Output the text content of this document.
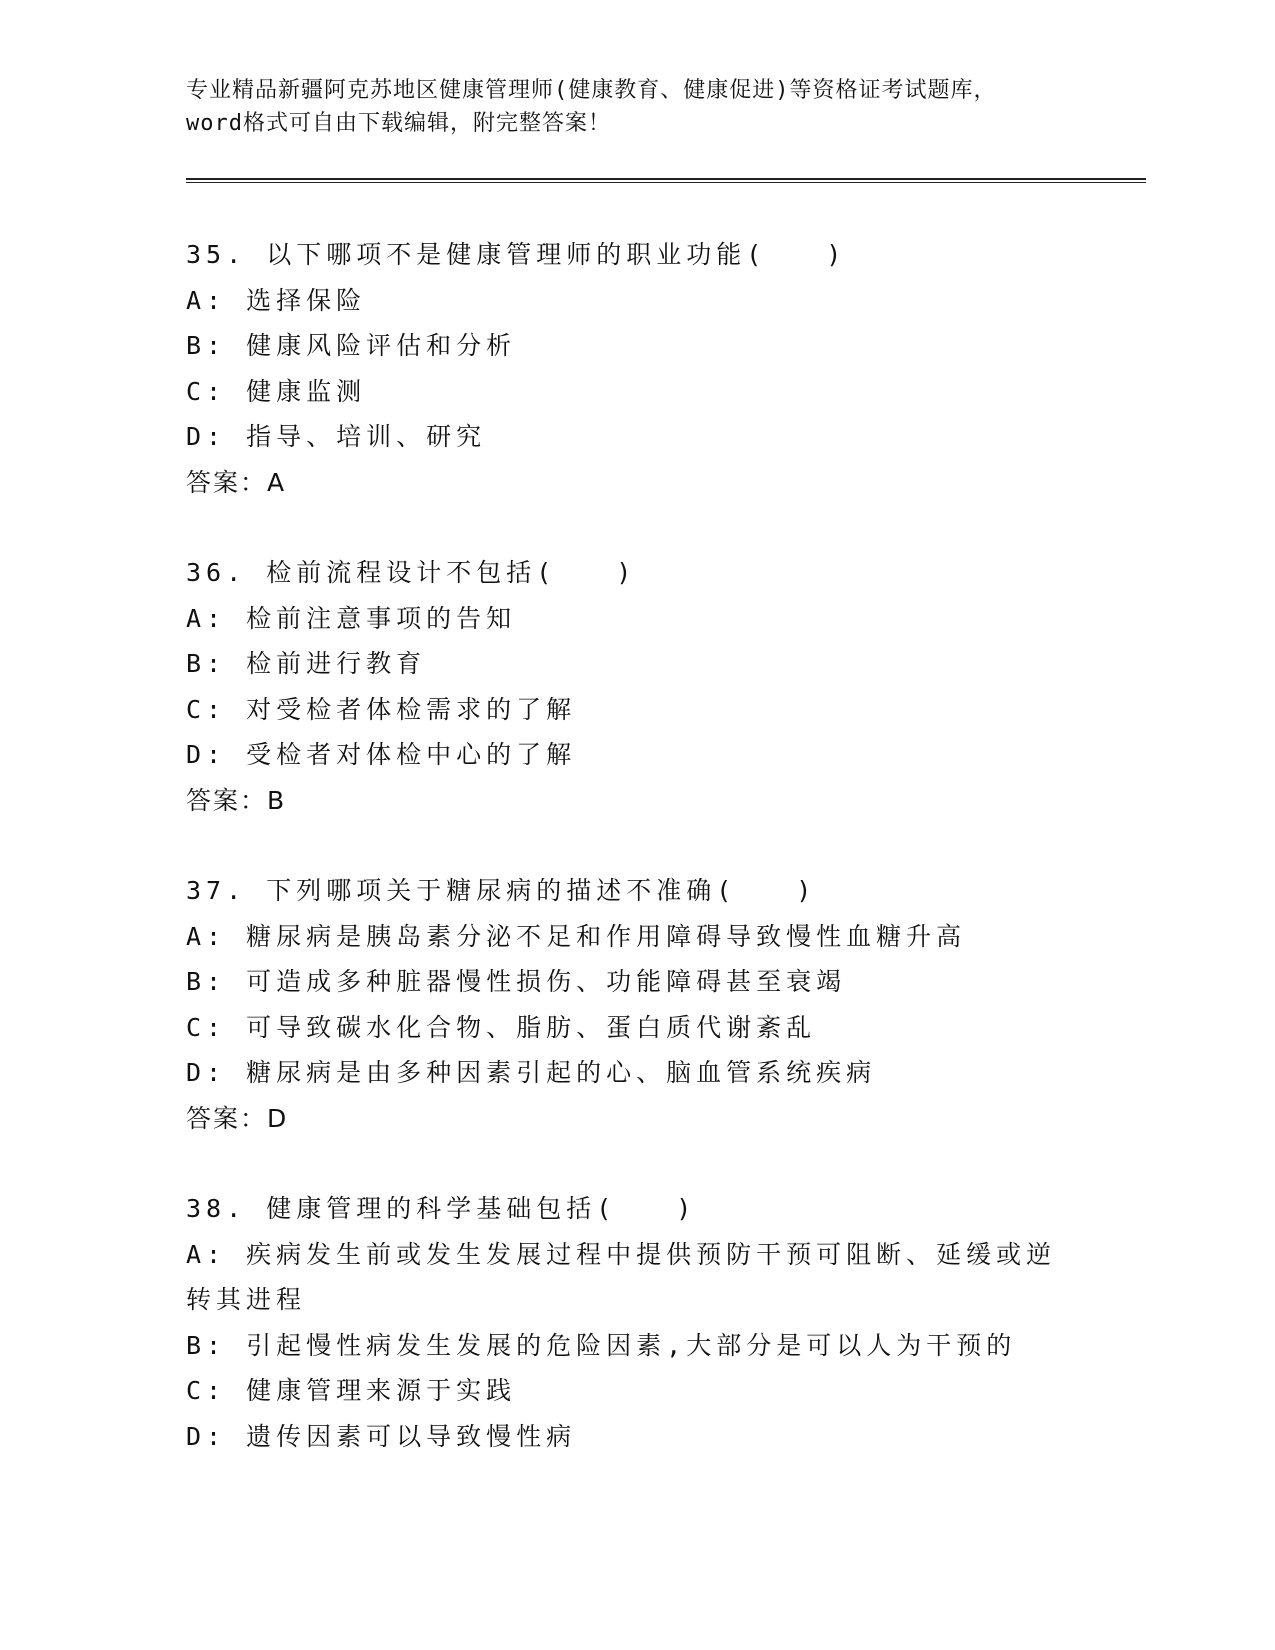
专业精品新疆阿克苏地区健康管理师(健康教育、健康促进)等资格证考试题库，
word格式可自由下载编辑，附完整答案！
35. 以下哪项不是健康管理师的职业功能(　　)
A: 选择保险
B: 健康风险评估和分析
C: 健康监测
D: 指导、培训、研究
答案：A
36. 检前流程设计不包括(　　)
A: 检前注意事项的告知
B: 检前进行教育
C: 对受检者体检需求的了解
D: 受检者对体检中心的了解
答案：B
37. 下列哪项关于糖尿病的描述不准确(　　)
A: 糖尿病是胰岛素分泌不足和作用障碍导致慢性血糖升高
B: 可造成多种脏器慢性损伤、功能障碍甚至衰竭
C: 可导致碳水化合物、脂肪、蛋白质代谢紊乱
D: 糖尿病是由多种因素引起的心、脑血管系统疾病
答案：D
38. 健康管理的科学基础包括(　　)
A: 疾病发生前或发生发展过程中提供预防干预可阻断、延缓或逆转其进程
B: 引起慢性病发生发展的危险因素,大部分是可以人为干预的
C: 健康管理来源于实践
D: 遗传因素可以导致慢性病
